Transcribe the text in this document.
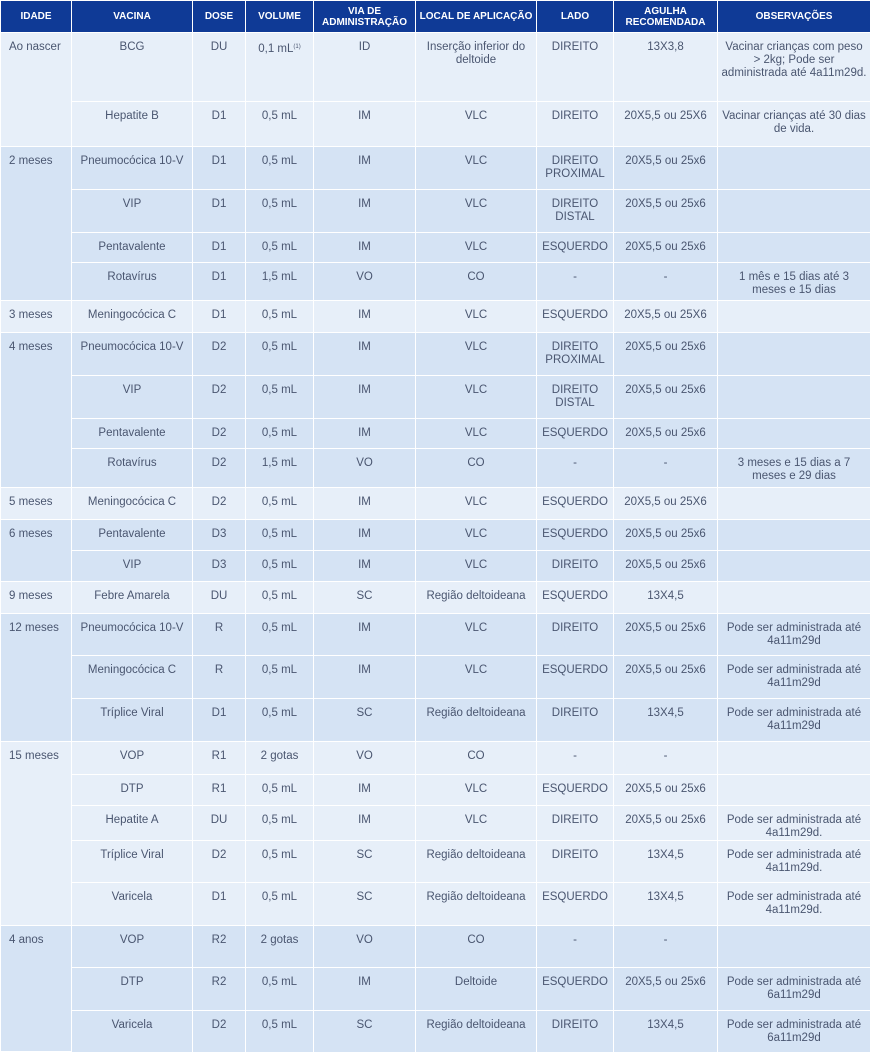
IDADE	VACINA	DOSE	VOLUME	VIA DE ADMINISTRAÇÃO	LOCAL DE APLICAÇÃO	LADO	AGULHA RECOMENDADA	OBSERVAÇÕES
Ao nascer	BCG	DU	0,1 $mL^{(1)}$	ID	Inserção inferior do deltoide	DIREITO	13X3,8	Vacinar crianças com peso > 2kg; Pode ser administrada até 4a11m29d.
	Hepatite B	D1	0,5 mL	IM	VLC	DIREITO	20X5,5 ou 25X6	Vacinar crianças até 30 dias de vida.
2 meses	Pneumocócica 10-V	D1	0,5 mL	IM	VLC	DIREITO PROXIMAL	20X5,5 ou 25x6	
	VIP	D1	0,5 mL	IM	VLC	DIREITO DISTAL	20X5,5 ou 25x6	
	Pentavalente	D1	0,5 mL	IM	VLC	ESQUERDO	20X5,5 ou 25x6	
	Rotavírus	D1	1,5 mL	VO	CO	-	-	1 mês e 15 dias até 3 meses e 15 dias
3 meses	Meningocócica C	D1	0,5 mL	IM	VLC	ESQUERDO	20X5,5 ou 25X6	
4 meses	Pneumocócica 10-V	D2	0,5 mL	IM	VLC	DIREITO PROXIMAL	20X5,5 ou 25x6	
	VIP	D2	0,5 mL	IM	VLC	DIREITO DISTAL	20X5,5 ou 25x6	
	Pentavalente	D2	0,5 mL	IM	VLC	ESQUERDO	20X5,5 ou 25x6	
	Rotavírus	D2	1,5 mL	VO	CO	-	-	3 meses e 15 dias a 7 meses e 29 dias
5 meses	Meningocócica C	D2	0,5 mL	IM	VLC	ESQUERDO	20X5,5 ou 25X6	
6 meses	Pentavalente	D3	0,5 mL	IM	VLC	ESQUERDO	20X5,5 ou 25x6	
	VIP	D3	0,5 mL	IM	VLC	DIREITO	20X5,5 ou 25x6	
9 meses	Febre Amarela	DU	0,5 mL	SC	Região deltoideana	ESQUERDO	13X4,5	
12 meses	Pneumocócica 10-V	R	0,5 mL	IM	VLC	DIREITO	20X5,5 ou 25x6	Pode ser administrada até 4a11m29d
	Meningocócica C	R	0,5 mL	IM	VLC	ESQUERDO	20X5,5 ou 25x6	Pode ser administrada até 4a11m29d
	Tríplice Viral	D1	0,5 mL	SC	Região deltoideana	DIREITO	13X4,5	Pode ser administrada até 4a11m29d
15 meses	VOP	R1	2 gotas	VO	CO	-	-	
	DTP	R1	0,5 mL	IM	VLC	ESQUERDO	20X5,5 ou 25x6	
	Hepatite A	DU	0,5 mL	IM	VLC	DIREITO	20X5,5 ou 25x6	Pode ser administrada até 4a11m29d.
	Tríplice Viral	D2	0,5 mL	SC	Região deltoideana	DIREITO	13X4,5	Pode ser administrada até 4a11m29d.
	Varicela	D1	0,5 mL	SC	Região deltoideana	ESQUERDO	13X4,5	Pode ser administrada até 4a11m29d.
4 anos	VOP	R2	2 gotas	VO	CO	-	-	
	DTP	R2	0,5 mL	IM	Deltoide	ESQUERDO	20X5,5 ou 25x6	Pode ser administrada até 6a11m29d
	Varicela	D2	0,5 mL	SC	Região deltoideana	DIREITO	13X4,5	Pode ser administrada até 6a11m29d
